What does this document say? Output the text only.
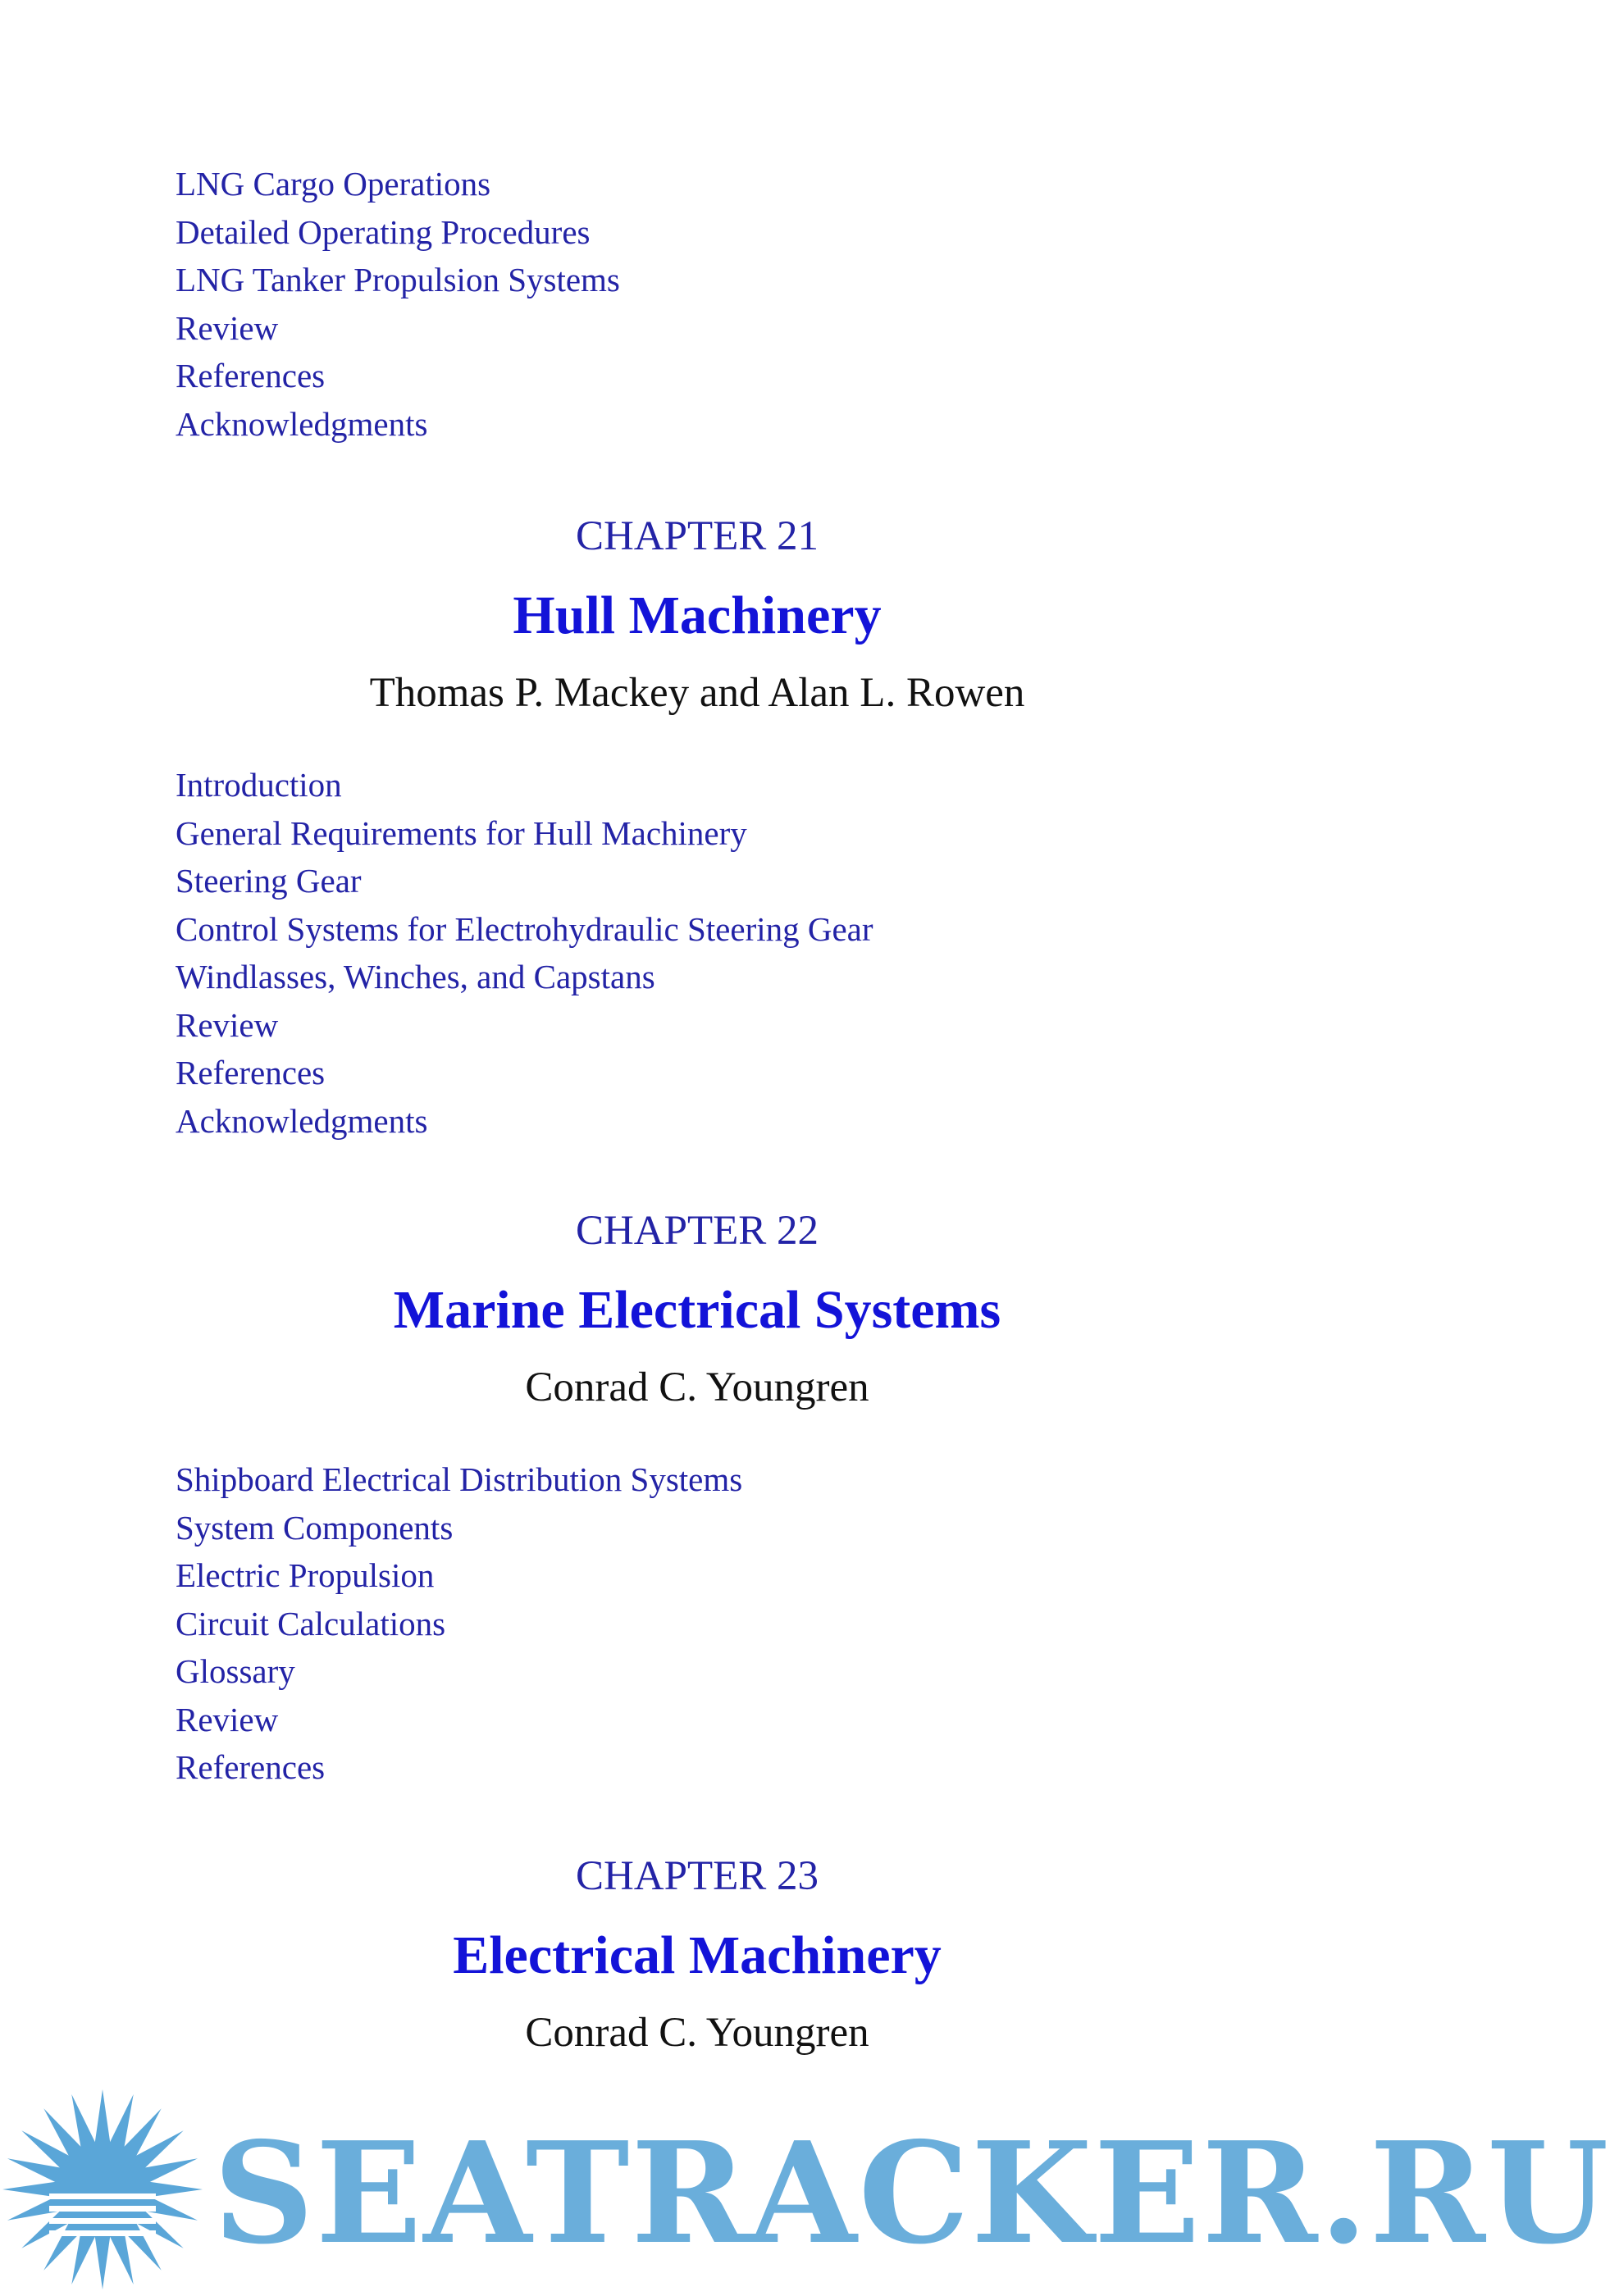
LNG Cargo Operations
Detailed Operating Procedures
LNG Tanker Propulsion Systems
Review
References
Acknowledgments
CHAPTER 21
Hull Machinery
Thomas P. Mackey and Alan L. Rowen
Introduction
General Requirements for Hull Machinery
Steering Gear
Control Systems for Electrohydraulic Steering Gear
Windlasses, Winches, and Capstans
Review
References
Acknowledgments
CHAPTER 22
Marine Electrical Systems
Conrad C. Youngren
Shipboard Electrical Distribution Systems
System Components
Electric Propulsion
Circuit Calculations
Glossary
Review
References
CHAPTER 23
Electrical Machinery
Conrad C. Youngren
SEATRACKER.RU
